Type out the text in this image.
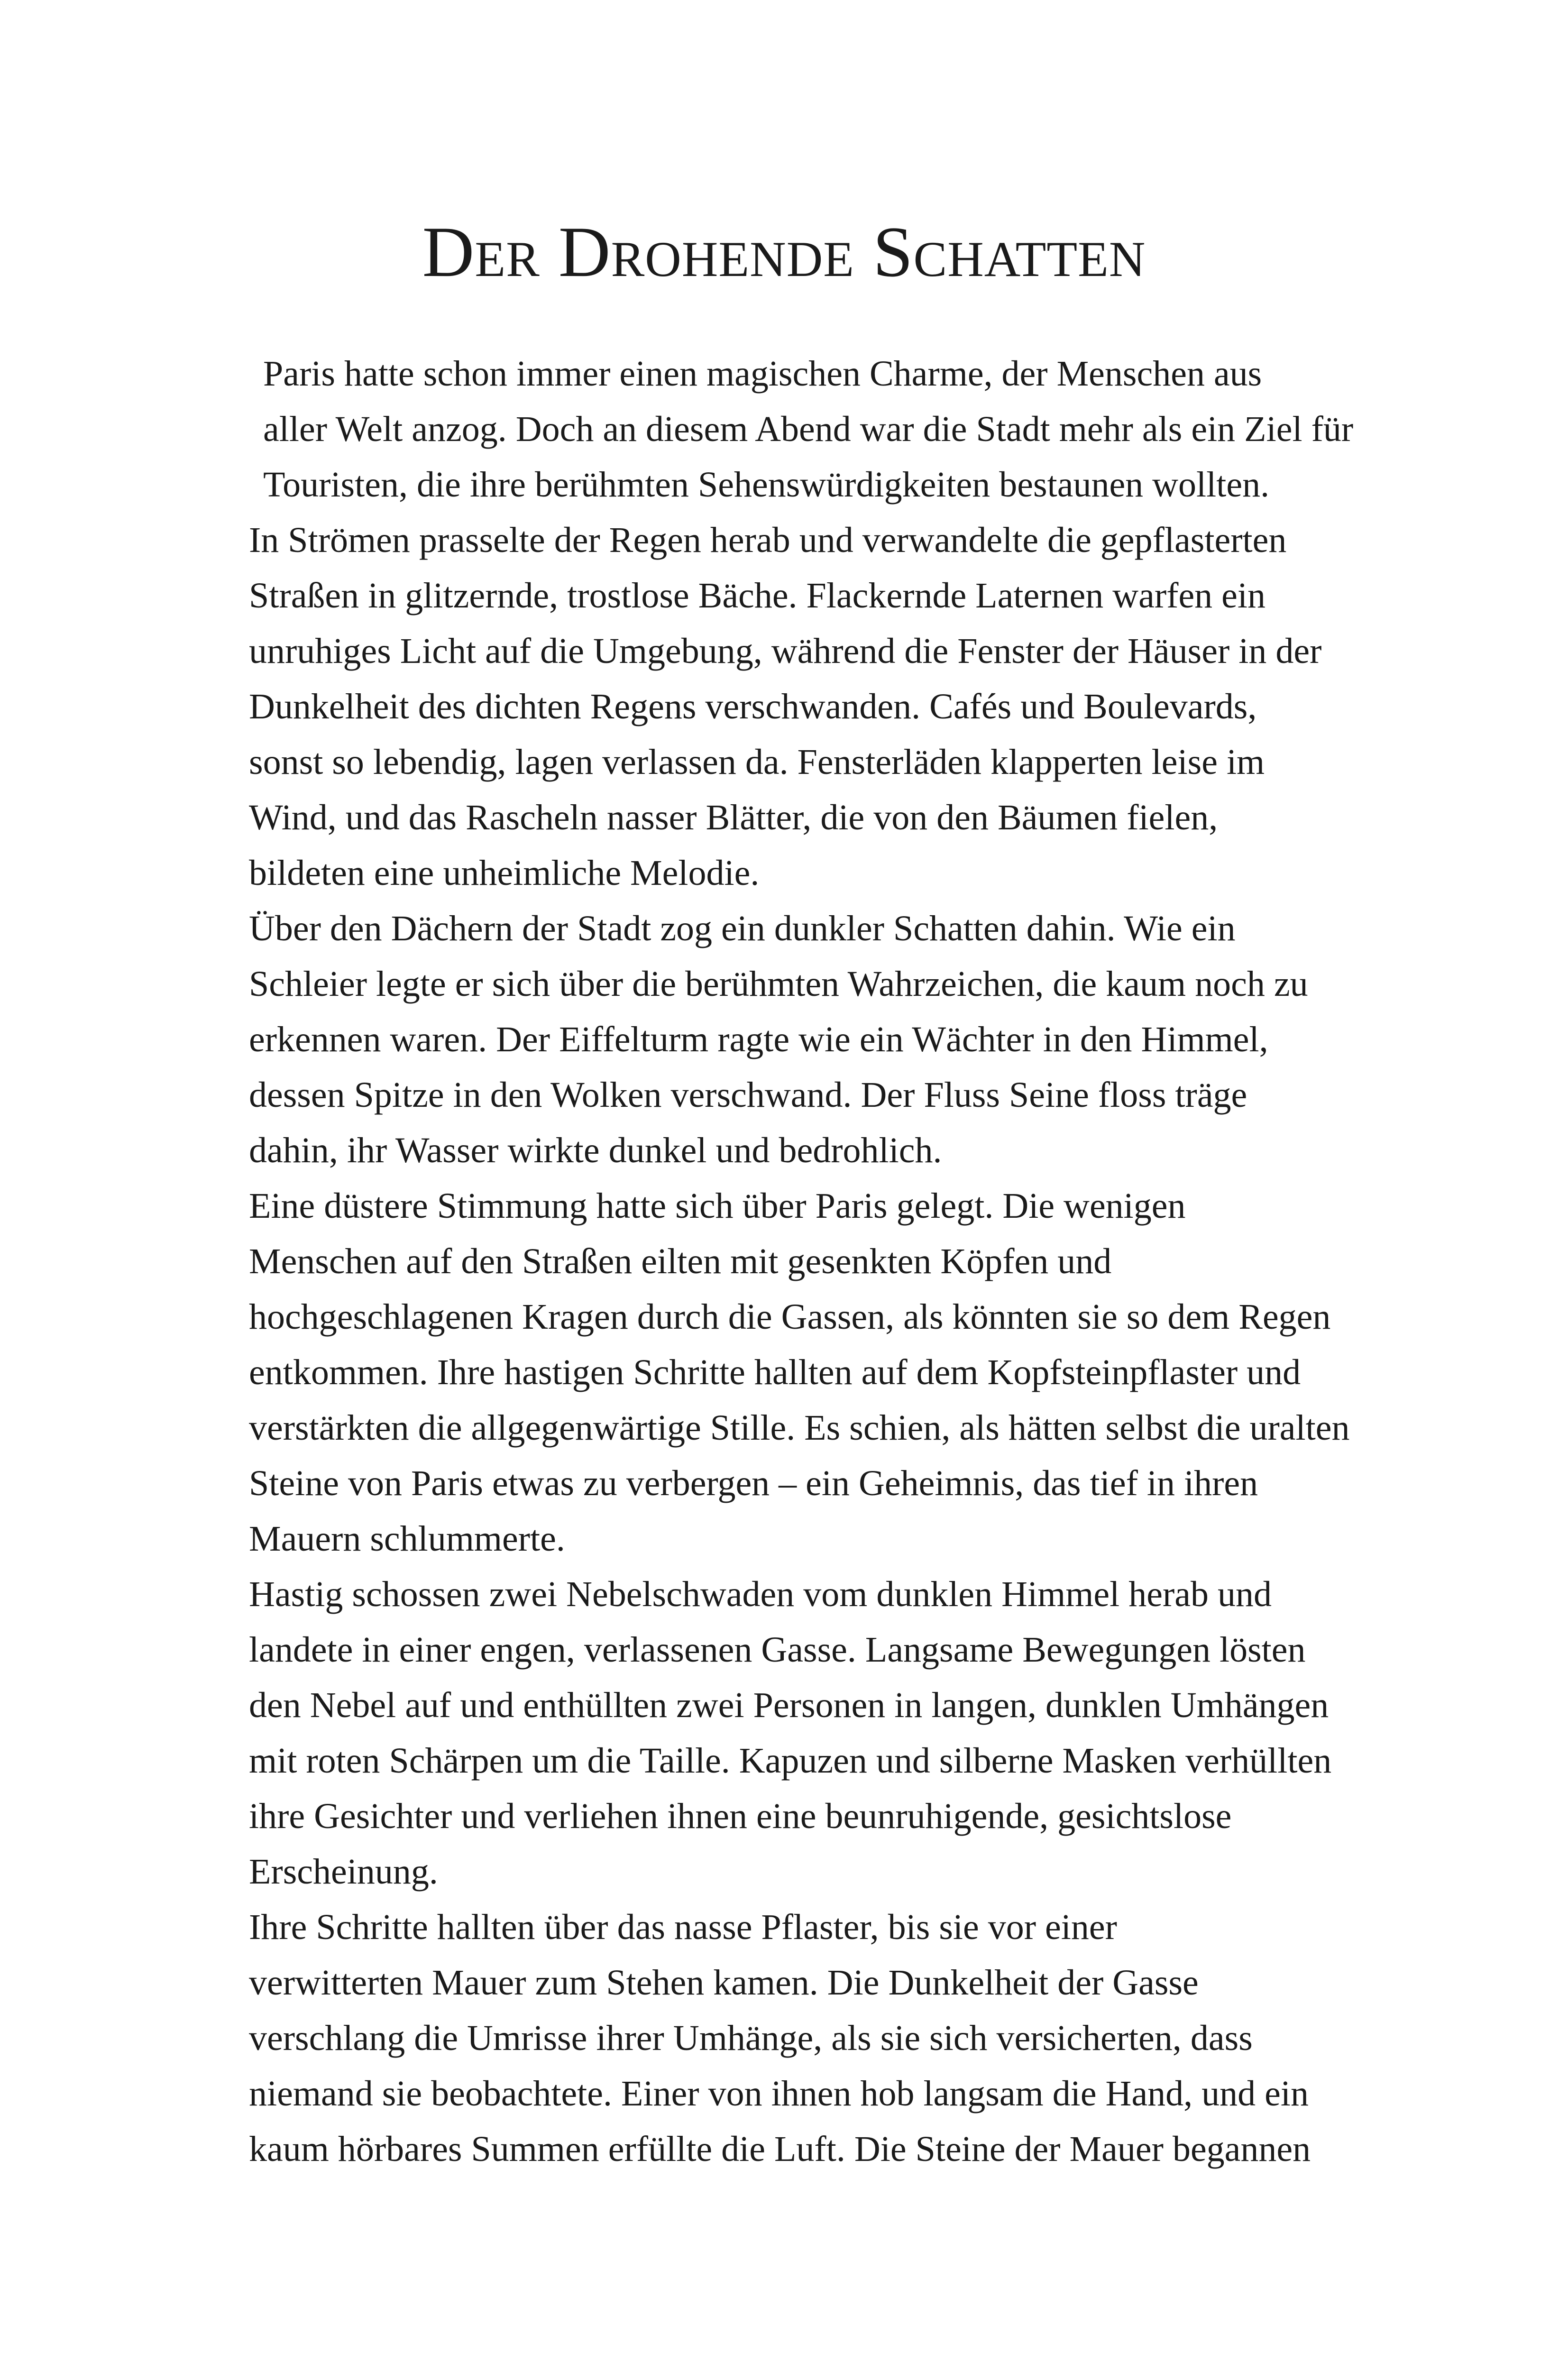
Der Drohende Schatten

Paris hatte schon immer einen magischen Charme, der Menschen aus
aller Welt anzog. Doch an diesem Abend war die Stadt mehr als ein Ziel für
Touristen, die ihre berühmten Sehenswürdigkeiten bestaunen wollten.

In Strömen prasselte der Regen herab und verwandelte die gepflasterten
Straßen in glitzernde, trostlose Bäche. Flackernde Laternen warfen ein
unruhiges Licht auf die Umgebung, während die Fenster der Häuser in der
Dunkelheit des dichten Regens verschwanden. Cafés und Boulevards,
sonst so lebendig, lagen verlassen da. Fensterläden klapperten leise im
Wind, und das Rascheln nasser Blätter, die von den Bäumen fielen,
bildeten eine unheimliche Melodie.

Über den Dächern der Stadt zog ein dunkler Schatten dahin. Wie ein
Schleier legte er sich über die berühmten Wahrzeichen, die kaum noch zu
erkennen waren. Der Eiffelturm ragte wie ein Wächter in den Himmel,
dessen Spitze in den Wolken verschwand. Der Fluss Seine floss träge
dahin, ihr Wasser wirkte dunkel und bedrohlich.

Eine düstere Stimmung hatte sich über Paris gelegt. Die wenigen
Menschen auf den Straßen eilten mit gesenkten Köpfen und
hochgeschlagenen Kragen durch die Gassen, als könnten sie so dem Regen
entkommen. Ihre hastigen Schritte hallten auf dem Kopfsteinpflaster und
verstärkten die allgegenwärtige Stille. Es schien, als hätten selbst die uralten
Steine von Paris etwas zu verbergen – ein Geheimnis, das tief in ihren
Mauern schlummerte.

Hastig schossen zwei Nebelschwaden vom dunklen Himmel herab und
landete in einer engen, verlassenen Gasse. Langsame Bewegungen lösten
den Nebel auf und enthüllten zwei Personen in langen, dunklen Umhängen
mit roten Schärpen um die Taille. Kapuzen und silberne Masken verhüllten
ihre Gesichter und verliehen ihnen eine beunruhigende, gesichtslose
Erscheinung.

Ihre Schritte hallten über das nasse Pflaster, bis sie vor einer
verwitterten Mauer zum Stehen kamen. Die Dunkelheit der Gasse
verschlang die Umrisse ihrer Umhänge, als sie sich versicherten, dass
niemand sie beobachtete. Einer von ihnen hob langsam die Hand, und ein
kaum hörbares Summen erfüllte die Luft. Die Steine der Mauer begannen
